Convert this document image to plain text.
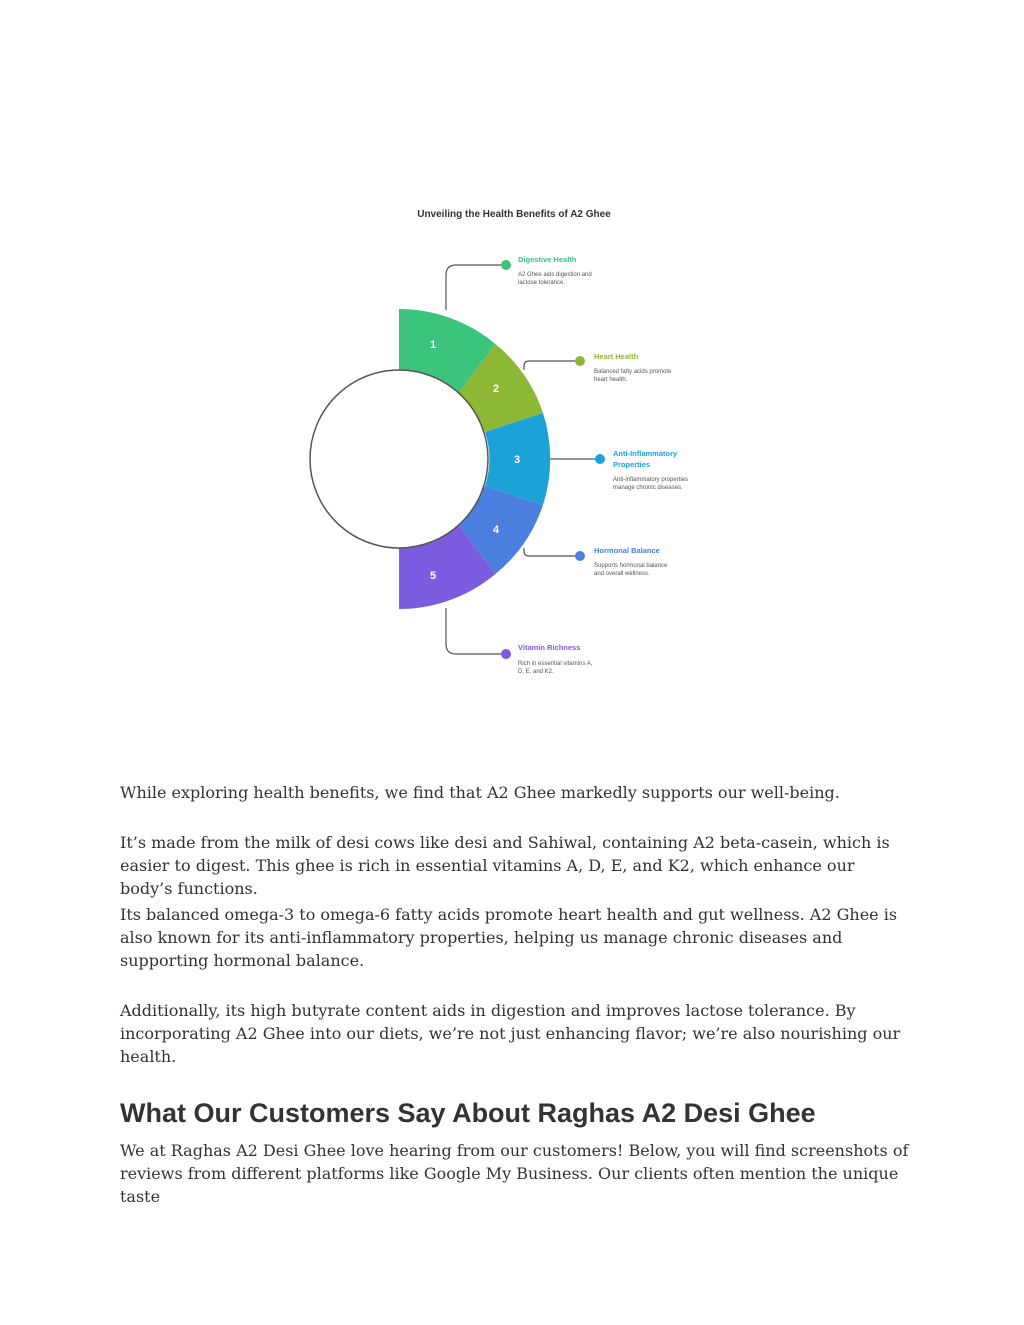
Unveiling the Health Benefits of A2 Ghee
1
2
3
4
5
Digestive Health
Heart Health
Anti-Inflammatory
Properties
Hormonal Balance
Vitamin Richness
A2 Ghee aids digestion and
lactose tolerance.
Balanced fatty acids promote
heart health.
Anti-inflammatory properties
manage chronic diseases.
Supports hormonal balance
and overall wellness.
Rich in essential vitamins A,
D, E, and K2.

While exploring health benefits, we find that A2 Ghee markedly supports our well-being.

It’s made from the milk of desi cows like desi and Sahiwal, containing A2 beta-casein, which is easier to digest. This ghee is rich in essential vitamins A, D, E, and K2, which enhance our body’s functions.

Its balanced omega-3 to omega-6 fatty acids promote heart health and gut wellness. A2 Ghee is also known for its anti-inflammatory properties, helping us manage chronic diseases and supporting hormonal balance.

Additionally, its high butyrate content aids in digestion and improves lactose tolerance. By incorporating A2 Ghee into our diets, we’re not just enhancing flavor; we’re also nourishing our health.

What Our Customers Say About Raghas A2 Desi Ghee

We at Raghas A2 Desi Ghee love hearing from our customers! Below, you will find screenshots of reviews from different platforms like Google My Business. Our clients often mention the unique taste
